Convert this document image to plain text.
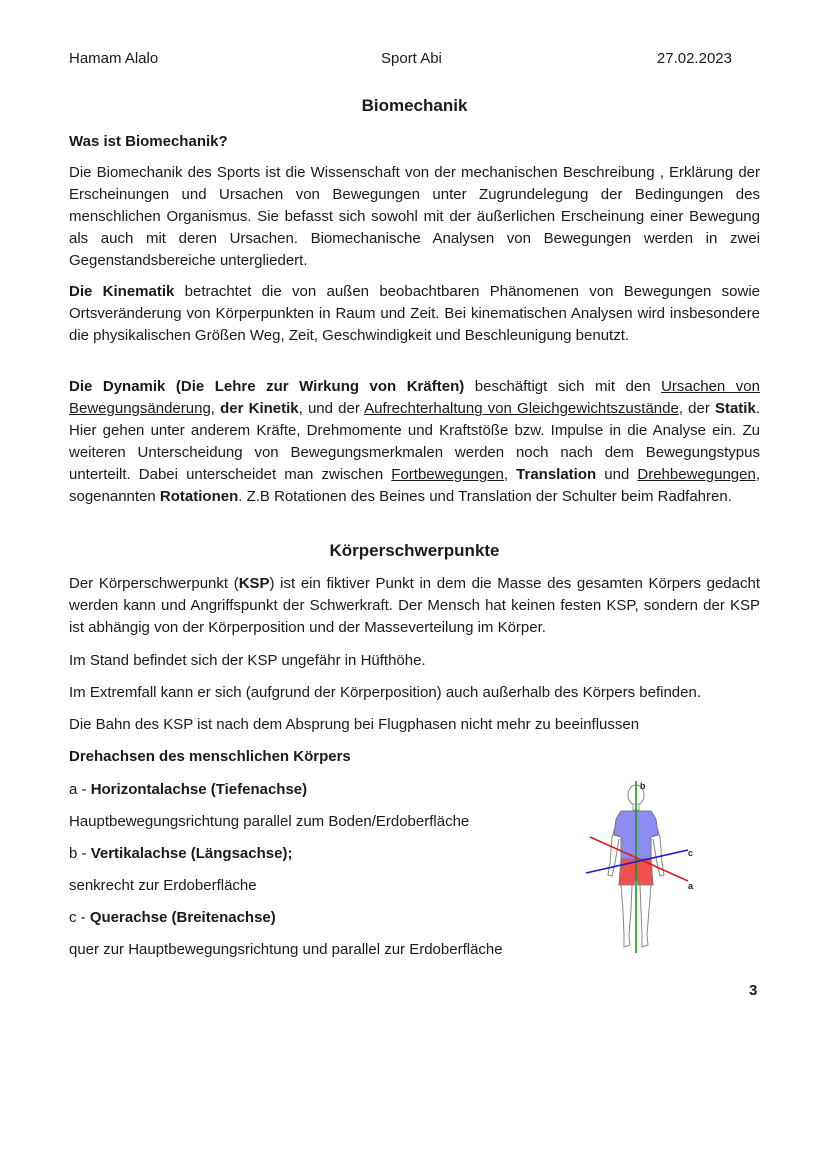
Hamam Alalo	Sport Abi	27.02.2023
Biomechanik
Was ist Biomechanik?
Die Biomechanik des Sports ist die Wissenschaft von der mechanischen Beschreibung , Erklärung der Erscheinungen und Ursachen von Bewegungen unter Zugrundelegung der Bedingungen des menschlichen Organismus. Sie befasst sich sowohl mit der äußerlichen Erscheinung einer Bewegung als auch mit deren Ursachen. Biomechanische Analysen von Bewegungen werden in zwei Gegenstandsbereiche untergliedert.
Die Kinematik betrachtet die von außen beobachtbaren Phänomenen von Bewegungen sowie Ortsveränderung von Körperpunkten in Raum und Zeit. Bei kinematischen Analysen wird insbesondere die physikalischen Größen Weg, Zeit, Geschwindigkeit und Beschleunigung benutzt.
Die Dynamik (Die Lehre zur Wirkung von Kräften) beschäftigt sich mit den Ursachen von Bewegungsänderung, der Kinetik, und der Aufrechterhaltung von Gleichgewichtszustände, der Statik. Hier gehen unter anderem Kräfte, Drehmomente und Kraftstöße bzw. Impulse in die Analyse ein. Zu weiteren Unterscheidung von Bewegungsmerkmalen werden noch nach dem Bewegungstypus unterteilt. Dabei unterscheidet man zwischen Fortbewegungen, Translation und Drehbewegungen, sogenannten Rotationen. Z.B Rotationen des Beines und Translation der Schulter beim Radfahren.
Körperschwerpunkte
Der Körperschwerpunkt (KSP) ist ein fiktiver Punkt in dem die Masse des gesamten Körpers gedacht werden kann und Angriffspunkt der Schwerkraft. Der Mensch hat keinen festen KSP, sondern der KSP ist abhängig von der Körperposition und der Masseverteilung im Körper.
Im Stand befindet sich der KSP ungefähr in Hüfthöhe.
Im Extremfall kann er sich (aufgrund der Körperposition) auch außerhalb des Körpers befinden.
Die Bahn des KSP ist nach dem Absprung bei Flugphasen nicht mehr zu beeinflussen
Drehachsen des menschlichen Körpers
a - Horizontalachse (Tiefenachse)
Hauptbewegungsrichtung parallel zum Boden/Erdoberfläche
b - Vertikalachse (Längsachse);
senkrecht zur Erdoberfläche
c - Querachse (Breitenachse)
quer zur Hauptbewegungsrichtung und parallel zur Erdoberfläche
b
c
a
3
